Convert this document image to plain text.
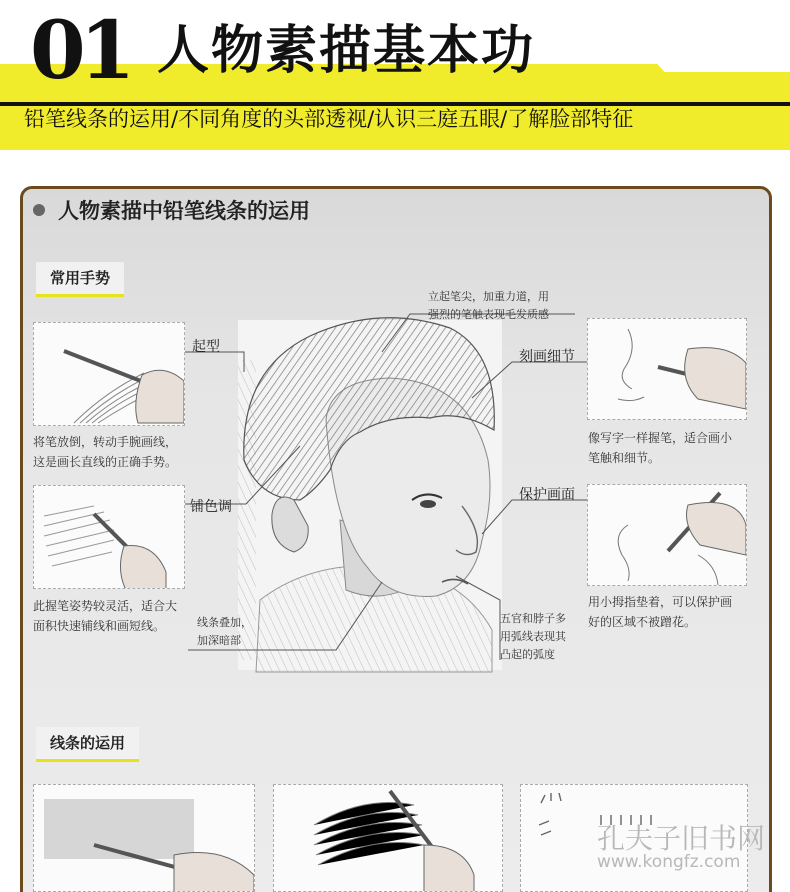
01 人物素描基本功
铅笔线条的运用/不同角度的头部透视/认识三庭五眼/了解脸部特征
人物素描中铅笔线条的运用
常用手势
线条的运用
将笔放倒，转动手腕画线，
这是画长直线的正确手势。
此握笔姿势较灵活，适合大
面积快速铺线和画短线。
像写字一样握笔，适合画小
笔触和细节。
用小拇指垫着，可以保护画
好的区域不被蹭花。
起型
铺色调
刻画细节
保护画面
立起笔尖，加重力道，用
强烈的笔触表现毛发质感
线条叠加，
加深暗部
五官和脖子多
用弧线表现其
凸起的弧度
孔夫子旧书网
www.kongfz.com
